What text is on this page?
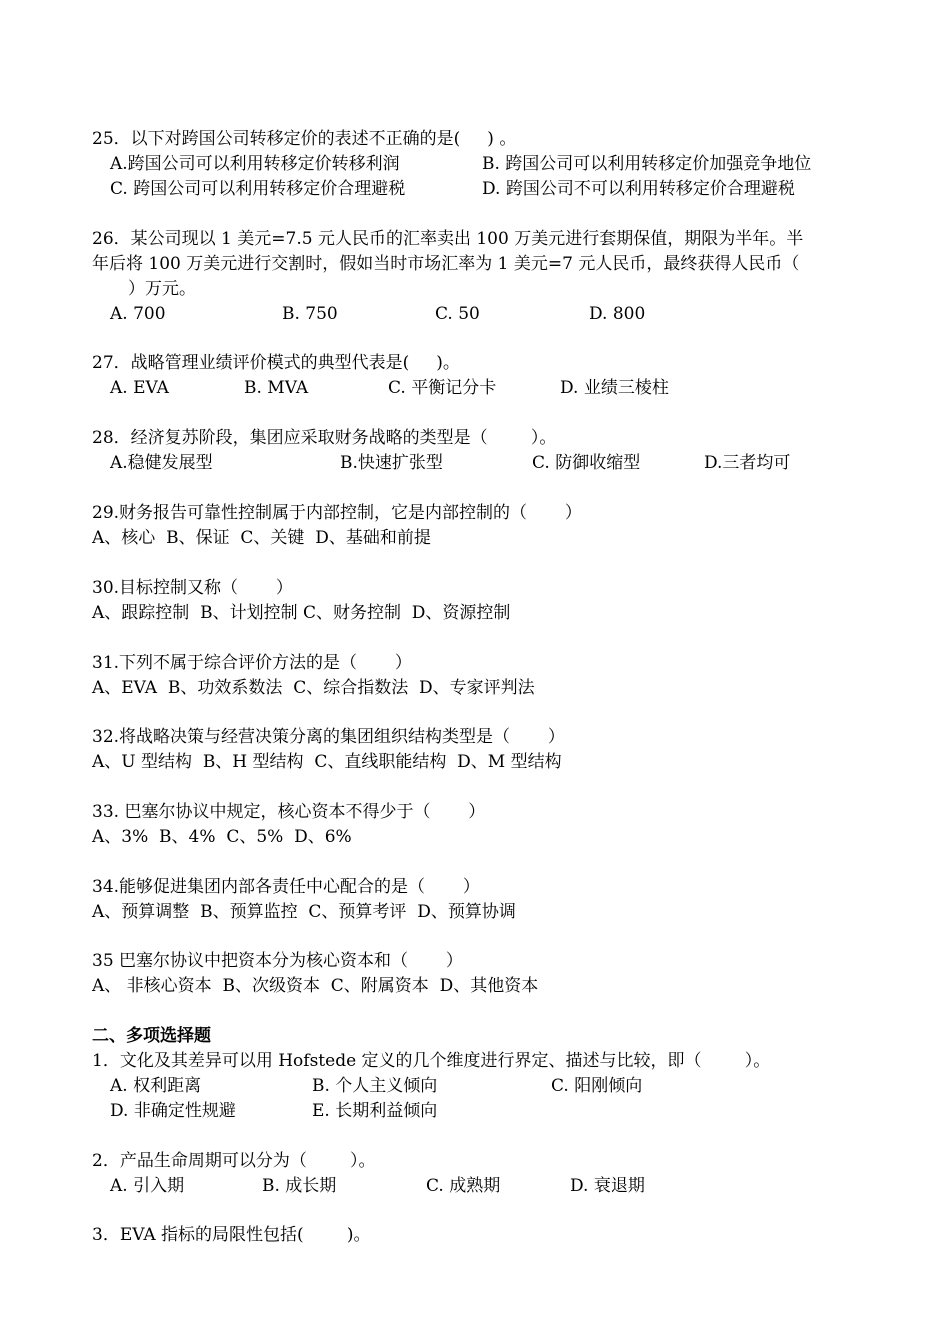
25．以下对跨国公司转移定价的表述不正确的是(     ) 。
A.跨国公司可以利用转移定价转移利润	B. 跨国公司可以利用转移定价加强竞争地位
C. 跨国公司可以利用转移定价合理避税	D. 跨国公司不可以利用转移定价合理避税
26．某公司现以 1 美元=7.5 元人民币的汇率卖出 100 万美元进行套期保值，期限为半年。半
年后将 100 万美元进行交割时，假如当时市场汇率为 1 美元=7 元人民币，最终获得人民币（
）万元。
A. 700	B. 750	C. 50	D. 800
27．战略管理业绩评价模式的典型代表是(     )。
A. EVA	B. MVA	C. 平衡记分卡	D. 业绩三棱柱
28．经济复苏阶段，集团应采取财务战略的类型是（        ）。
A.稳健发展型	B.快速扩张型	C. 防御收缩型	D.三者均可
29.财务报告可靠性控制属于内部控制，它是内部控制的（       ）
A、核心  B、保证  C、关键  D、基础和前提
30.目标控制又称（       ）
A、跟踪控制  B、计划控制 C、财务控制  D、资源控制
31.下列不属于综合评价方法的是（       ）
A、EVA  B、功效系数法  C、综合指数法  D、专家评判法
32.将战略决策与经营决策分离的集团组织结构类型是（       ）
A、U 型结构  B、H 型结构  C、直线职能结构  D、M 型结构
33. 巴塞尔协议中规定，核心资本不得少于（       ）
A、3%  B、4%  C、5%  D、6%
34.能够促进集团内部各责任中心配合的是（       ）
A、预算调整  B、预算监控  C、预算考评  D、预算协调
35 巴塞尔协议中把资本分为核心资本和（       ）
A、 非核心资本  B、次级资本  C、附属资本  D、其他资本
二、多项选择题
1．文化及其差异可以用 Hofstede 定义的几个维度进行界定、描述与比较，即（        ）。
A. 权利距离	B. 个人主义倾向	C. 阳刚倾向
D. 非确定性规避	E. 长期利益倾向
2．产品生命周期可以分为（        ）。
A. 引入期	B. 成长期	C. 成熟期	D. 衰退期
3．EVA 指标的局限性包括(        )。
